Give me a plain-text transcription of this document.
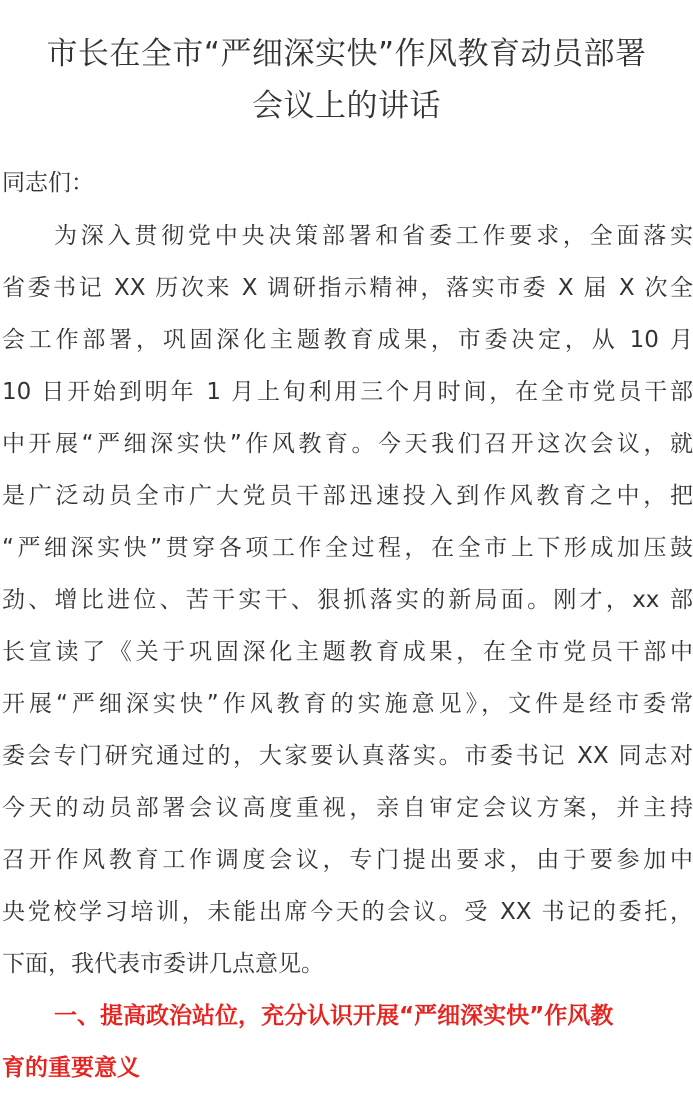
市长在全市“严细深实快”作风教育动员部署
会议上的讲话

同志们：

为深入贯彻党中央决策部署和省委工作要求，全面落实
省委书记 XX 历次来 X 调研指示精神，落实市委 X 届 X 次全
会工作部署，巩固深化主题教育成果，市委决定，从 10 月
10 日开始到明年 1 月上旬利用三个月时间，在全市党员干部
中开展“严细深实快”作风教育。今天我们召开这次会议，就
是广泛动员全市广大党员干部迅速投入到作风教育之中，把
“严细深实快”贯穿各项工作全过程，在全市上下形成加压鼓
劲、增比进位、苦干实干、狠抓落实的新局面。刚才，xx 部
长宣读了《关于巩固深化主题教育成果，在全市党员干部中
开展“严细深实快”作风教育的实施意见》，文件是经市委常
委会专门研究通过的，大家要认真落实。市委书记 XX 同志对
今天的动员部署会议高度重视，亲自审定会议方案，并主持
召开作风教育工作调度会议，专门提出要求，由于要参加中
央党校学习培训，未能出席今天的会议。受 XX 书记的委托，
下面，我代表市委讲几点意见。

一、提高政治站位，充分认识开展“严细深实快”作风教
育的重要意义
